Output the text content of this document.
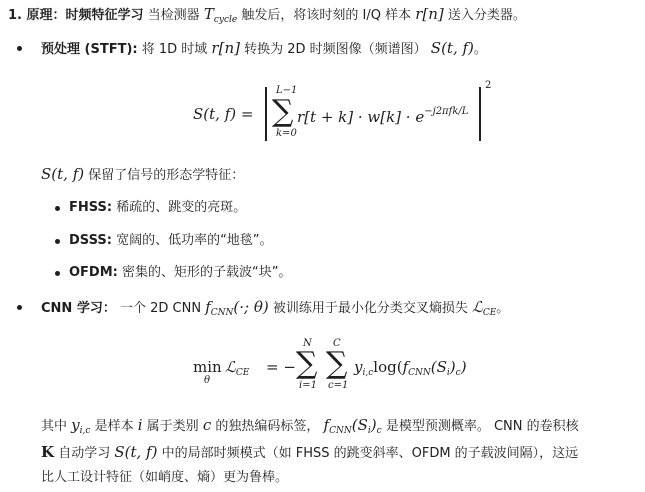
1. 原理：时频特征学习 当检测器 $T_{cycle}$ 触发后，将该时刻的 I/Q 样本 r[n] 送入分类器。
预处理 (STFT): 将 1D 时域 r[n] 转换为 2D 时频图像（频谱图） S(t, f)。
S(t, f) =
L−1
∑
k=0
$r[t + k] \cdot w[k] \cdot e^{-j2\pi fk/L}$
2
S(t, f) 保留了信号的形态学特征：
FHSS: 稀疏的、跳变的亮斑。
DSSS: 宽阔的、低功率的“地毯”。
OFDM: 密集的、矩形的子载波“块”。
CNN 学习： 一个 2D CNN $f_{CNN}(\cdot$; θ) 被训练用于最小化分类交叉熵损失 ℒ$_{CE}$。
min
θ
ℒ$_{CE}$ = −
N
∑
i=1
C
∑
c=1
$y_{i,c}\log(f_{CNN}(S_i)_c)$
其中 $y_{i,c}$ 是样本 i 属于类别 c 的独热编码标签， $f_{CNN}(S_i)_c$ 是模型预测概率。 CNN 的卷积核
K 自动学习 S(t, f) 中的局部时频模式（如 FHSS 的跳变斜率、OFDM 的子载波间隔），这远
比人工设计特征（如峭度、熵）更为鲁棒。
